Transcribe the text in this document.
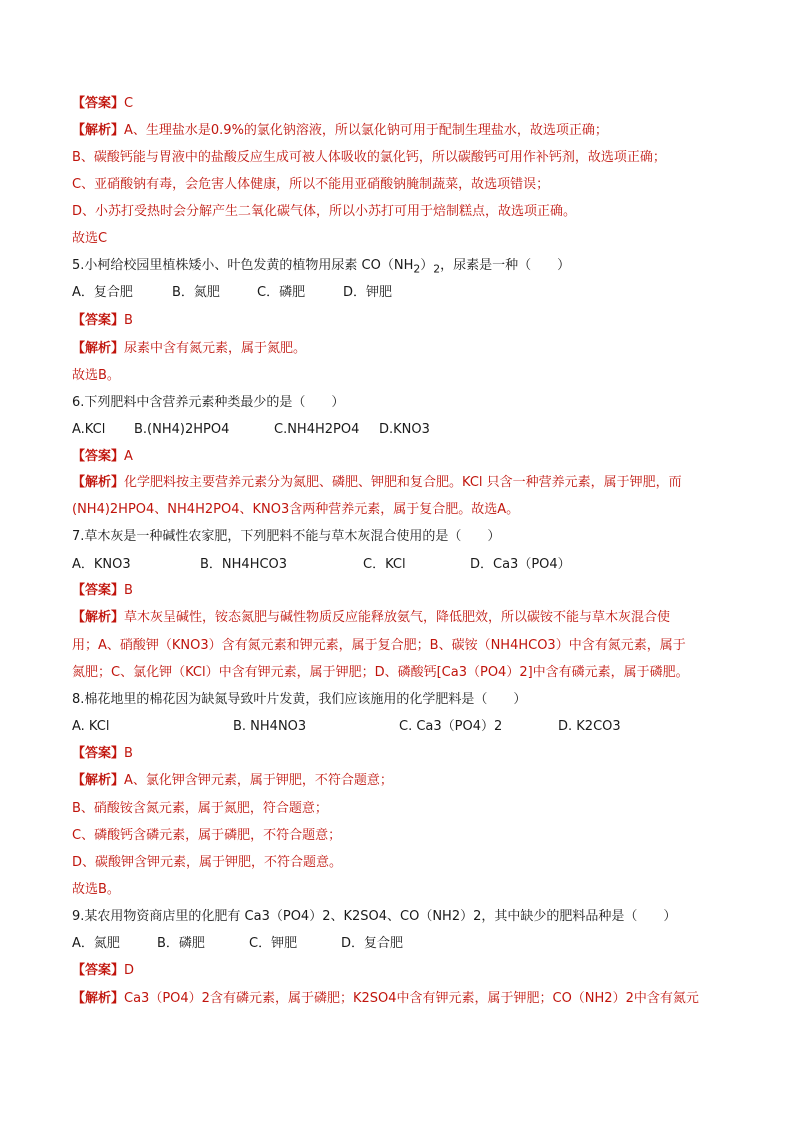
【答案】C
【解析】A、生理盐水是0.9%的氯化钠溶液，所以氯化钠可用于配制生理盐水，故选项正确；
B、碳酸钙能与胃液中的盐酸反应生成可被人体吸收的氯化钙，所以碳酸钙可用作补钙剂，故选项正确；
C、亚硝酸钠有毒，会危害人体健康，所以不能用亚硝酸钠腌制蔬菜，故选项错误；
D、小苏打受热时会分解产生二氧化碳气体，所以小苏打可用于焙制糕点，故选项正确。
故选C
5.小柯给校园里植株矮小、叶色发黄的植物用尿素 $CO(NH_2)_2$，尿素是一种（　　）
A．复合肥	B．氮肥	C．磷肥	D．钾肥
【答案】B
【解析】尿素中含有氮元素，属于氮肥。
故选B。
6.下列肥料中含营养元素种类最少的是（　　）
A.KCl B.(NH4)2HPO4	C.NH4H2PO4 D.KNO3
【答案】A
【解析】化学肥料按主要营养元素分为氮肥、磷肥、钾肥和复合肥。KCl 只含一种营养元素，属于钾肥，而
(NH4)2HPO4、NH4H2PO4、KNO3含两种营养元素，属于复合肥。故选A。
7.草木灰是一种碱性农家肥，下列肥料不能与草木灰混合使用的是（　　）
A．KNO3	B．NH4HCO3	C．KCl	D．Ca3（PO4）
【答案】B
【解析】草木灰呈碱性，铵态氮肥与碱性物质反应能释放氨气，降低肥效，所以碳铵不能与草木灰混合使
用；A、硝酸钾（KNO3）含有氮元素和钾元素，属于复合肥；B、碳铵（NH4HCO3）中含有氮元素，属于
氮肥；C、氯化钾（KCl）中含有钾元素，属于钾肥；D、磷酸钙[Ca3（PO4）2]中含有磷元素，属于磷肥。
8.棉花地里的棉花因为缺氮导致叶片发黄，我们应该施用的化学肥料是（　　）
A. KCl	B. NH4NO3	C. Ca3（PO4）2	D. K2CO3
【答案】B
【解析】A、氯化钾含钾元素，属于钾肥，不符合题意；
B、硝酸铵含氮元素，属于氮肥，符合题意；
C、磷酸钙含磷元素，属于磷肥，不符合题意；
D、碳酸钾含钾元素，属于钾肥，不符合题意。
故选B。
9.某农用物资商店里的化肥有 Ca3（PO4）2、K2SO4、CO（NH2）2，其中缺少的肥料品种是（　　）
A．氮肥	B．磷肥	C．钾肥	D．复合肥
【答案】D
【解析】Ca3（PO4）2含有磷元素，属于磷肥；K2SO4中含有钾元素，属于钾肥；CO（NH2）2中含有氮元
